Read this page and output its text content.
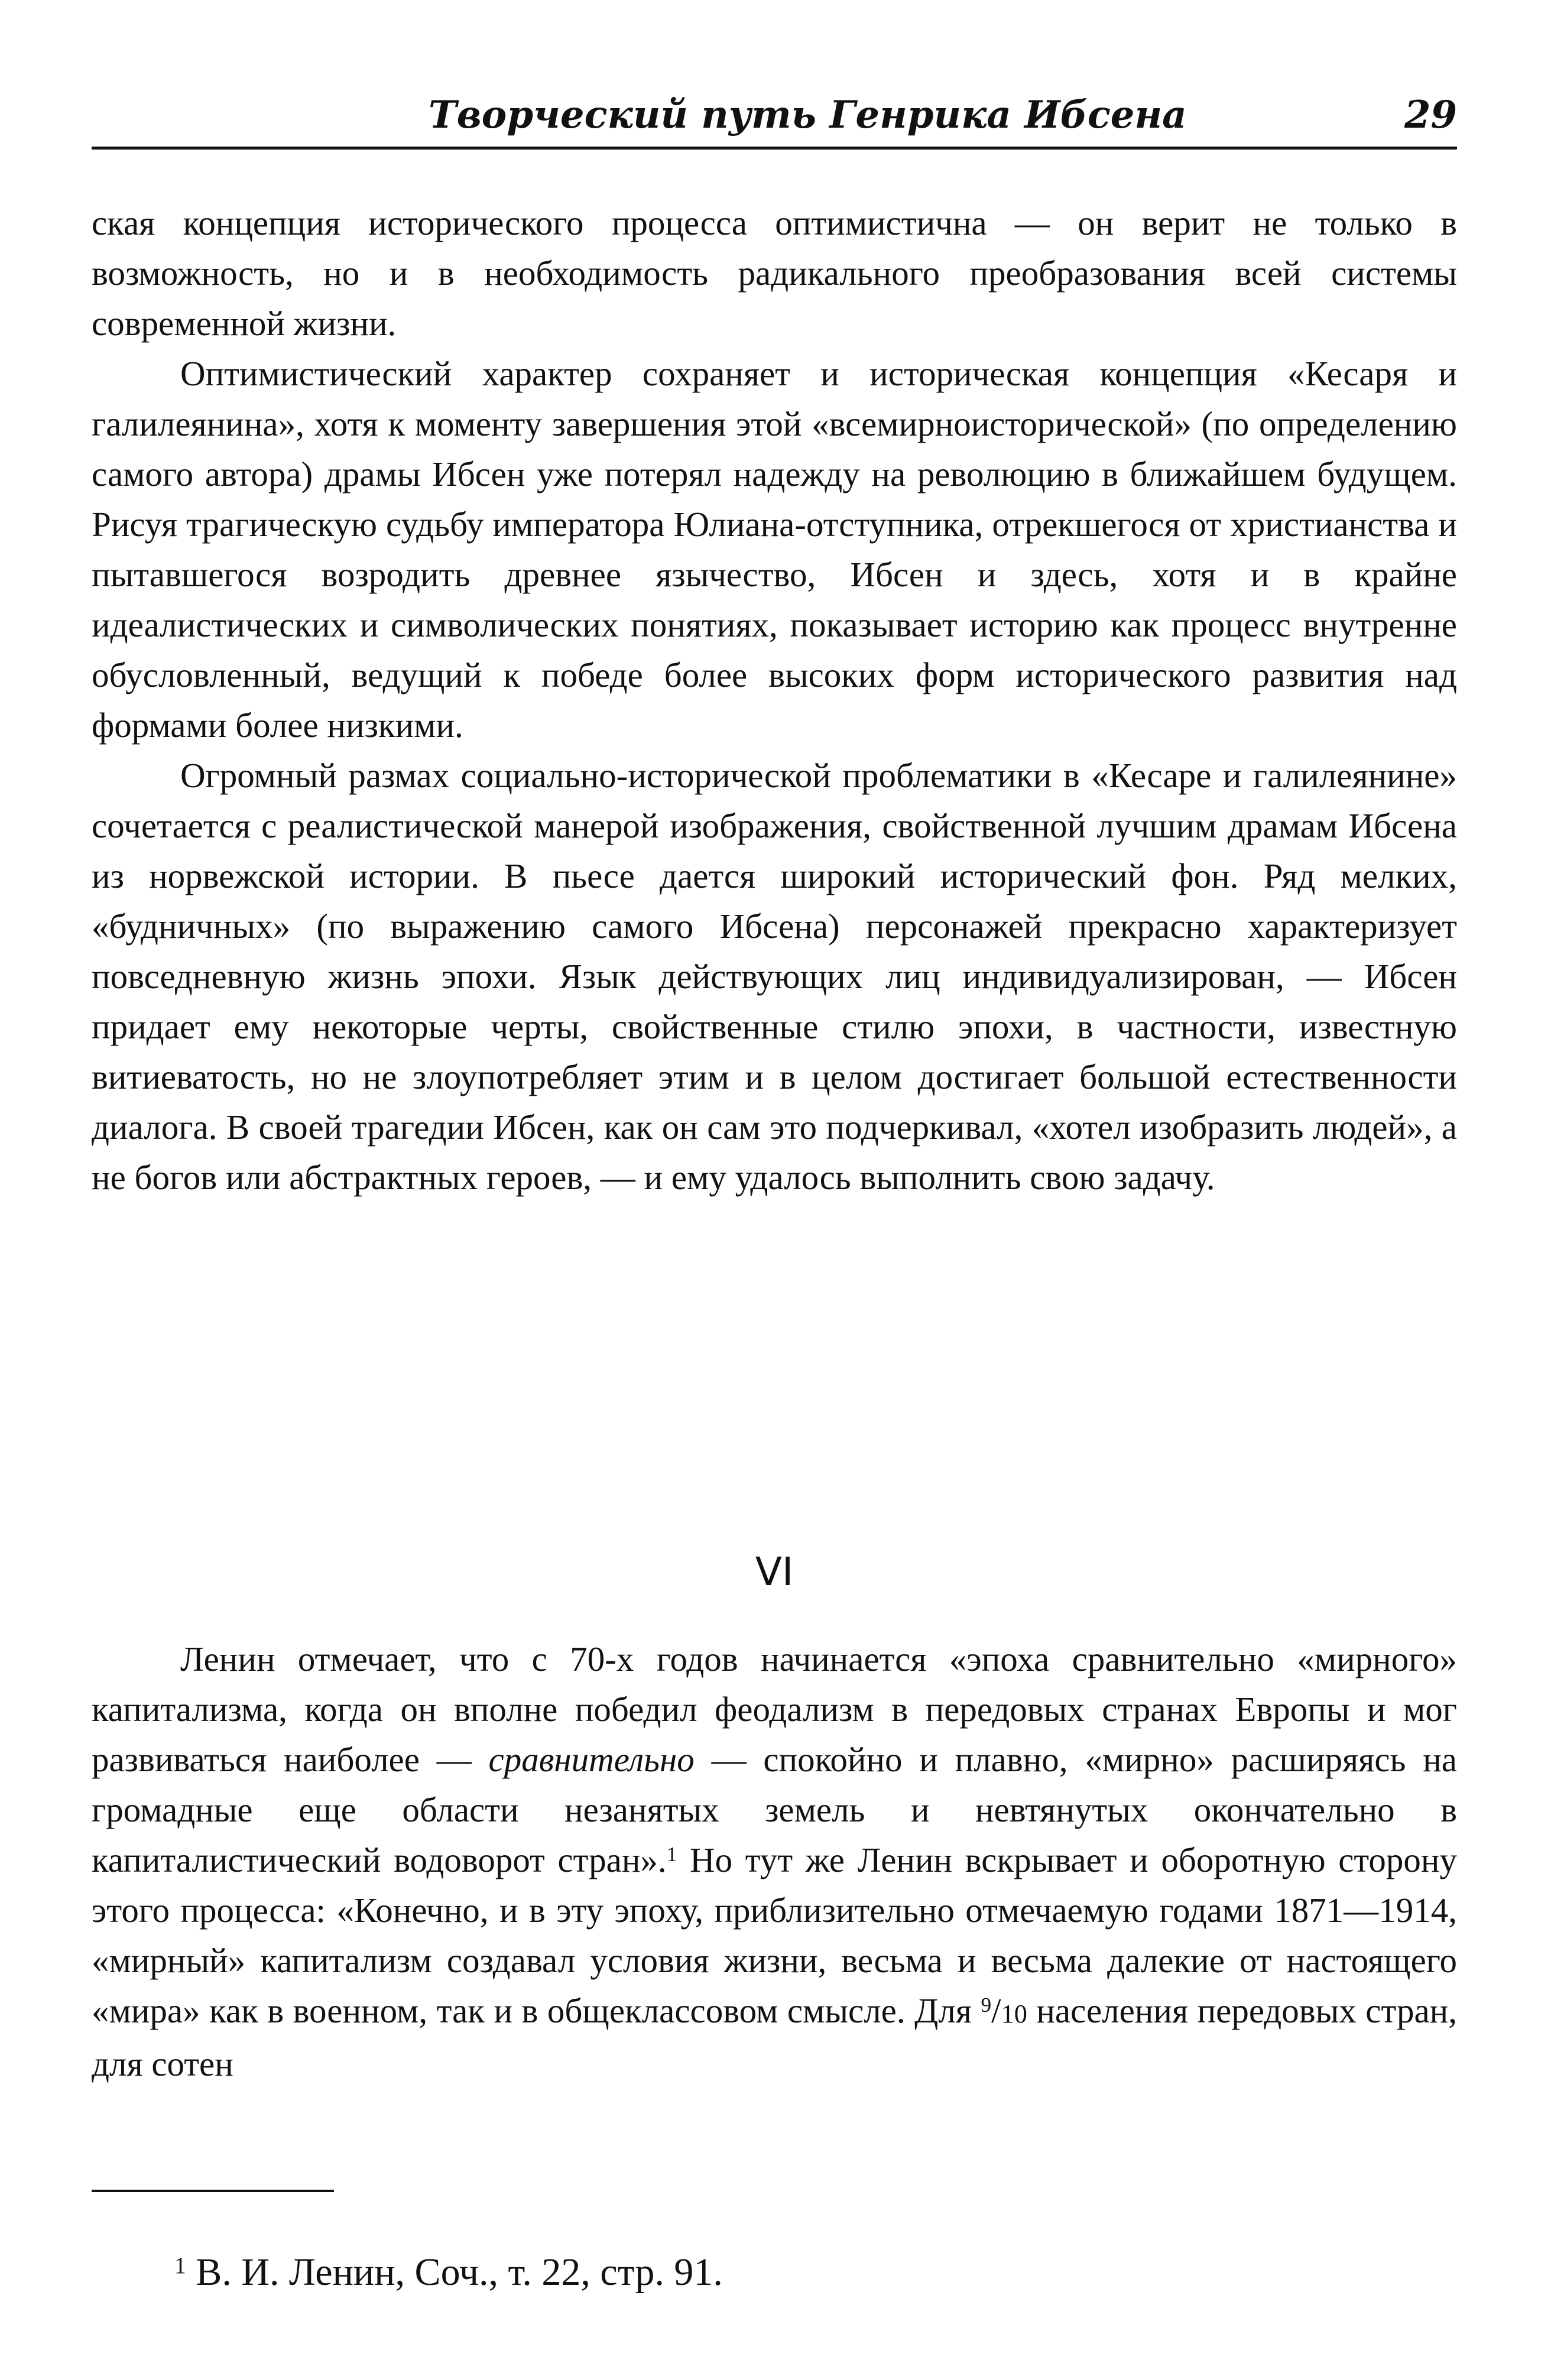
Творческий путь Генрика Ибсена	29

ская концепция исторического процесса оптимистична — он верит не только в возможность, но и в необходимость радикального преобразования всей системы современной жизни.

Оптимистический характер сохраняет и историческая концепция «Кесаря и галилеянина», хотя к моменту завершения этой «всемирноисторической» (по определению самого автора) драмы Ибсен уже потерял надежду на революцию в ближайшем будущем. Рисуя трагическую судьбу императора Юлиана-отступника, отрекшегося от христианства и пытавшегося возродить древнее язычество, Ибсен и здесь, хотя и в крайне идеалистических и символических понятиях, показывает историю как процесс внутренне обусловленный, ведущий к победе более высоких форм исторического развития над формами более низкими.

Огромный размах социально-исторической проблематики в «Кесаре и галилеянине» сочетается с реалистической манерой изображения, свойственной лучшим драмам Ибсена из норвежской истории. В пьесе дается широкий исторический фон. Ряд мелких, «будничных» (по выражению самого Ибсена) персонажей прекрасно характеризует повседневную жизнь эпохи. Язык действующих лиц индивидуализирован, — Ибсен придает ему некоторые черты, свойственные стилю эпохи, в частности, известную витиеватость, но не злоупотребляет этим и в целом достигает большой естественности диалога. В своей трагедии Ибсен, как он сам это подчеркивал, «хотел изобразить людей», а не богов или абстрактных героев, — и ему удалось выполнить свою задачу.

VI

Ленин отмечает, что с 70-х годов начинается «эпоха сравнительно «мирного» капитализма, когда он вполне победил феодализм в передовых странах Европы и мог развиваться наиболее — сравнительно — спокойно и плавно, «мирно» расширяясь на громадные еще области незанятых земель и невтянутых окончательно в капиталистический водоворот стран».$^1$ Но тут же Ленин вскрывает и оборотную сторону этого процесса: «Конечно, и в эту эпоху, приблизительно отмечаемую годами 1871—1914, «мирный» капитализм создавал условия жизни, весьма и весьма далекие от настоящего «мира» как в военном, так и в общеклассовом смысле. Для $^9$/10 населения передовых стран, для сотен

$^1$ В. И. Ленин, Соч., т. 22, стр. 91.
